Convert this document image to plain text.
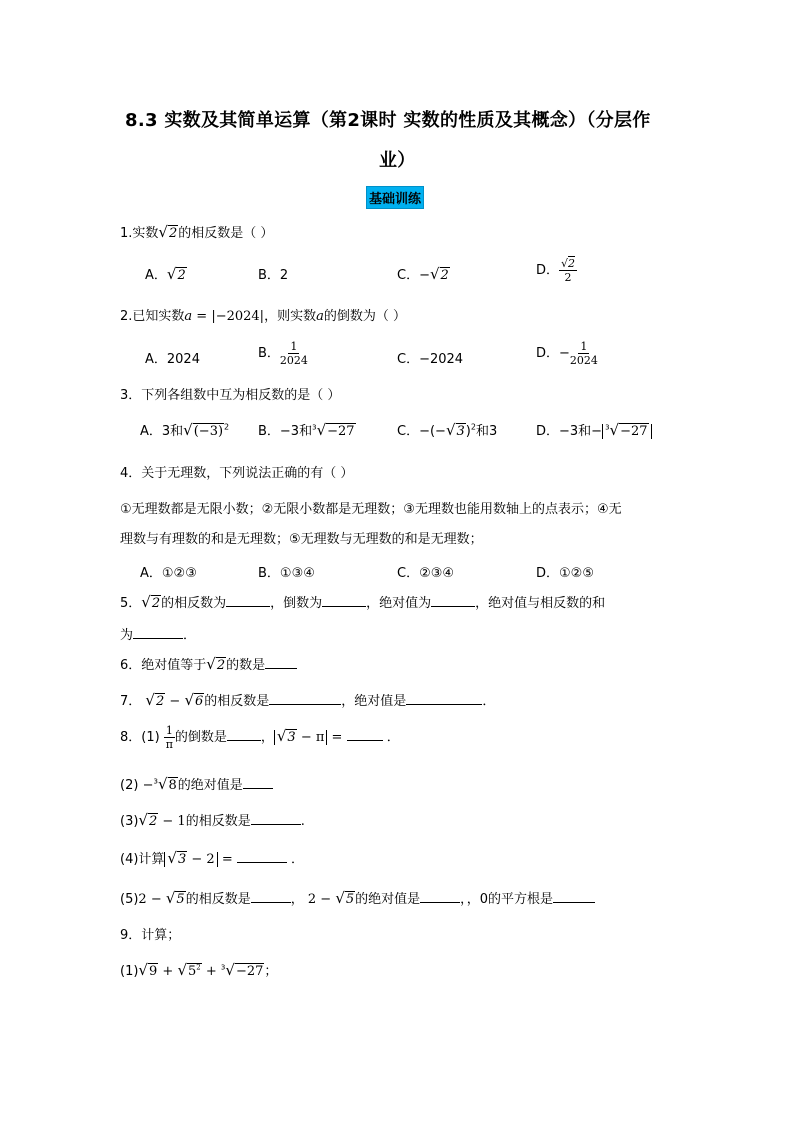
8.3 实数及其简单运算（第2课时 实数的性质及其概念）（分层作
业）
基础训练
1.实数√2的相反数是（ ）
A．√2	B．2	C．−√2	D． $\frac{√2}{2}$
2.已知实数a = |−2024|，则实数a的倒数为（ ）
A．2024	B． $\frac{1}{2024}$	C．−2024	D．− $\frac{1}{2024}$
3．下列各组数中互为相反数的是（ ）
A．3和$√(-3)^2$ B．−3和$^3$√−27	C．$-(-√3)^2$和3	D．−3和− $^3$√−27
4．关于无理数，下列说法正确的有（ ）
①无理数都是无限小数；②无限小数都是无理数；③无理数也能用数轴上的点表示；④无
理数与有理数的和是无理数；⑤无理数与无理数的和是无理数；
A．①②③	B．①③④	C．②③④	D．①②⑤
5．√2的相反数为	，倒数为	，绝对值为	，绝对值与相反数的和
为	．
6．绝对值等于√2的数是
7． √2 − √6的相反数是	，绝对值是	．
8．$(1) \frac{1}{\pi}$ 的倒数是	， √3 − π =	．
(2) −$^3$√8的绝对值是
(3)√2 − 1的相反数是	.
(4)计算 √3 − 2 =	．
(5)2 − √5的相反数是	， 2 − √5的绝对值是	，，0的平方根是
9．计算；
$(1)√9 + √5^2 + ^3√-27$；
